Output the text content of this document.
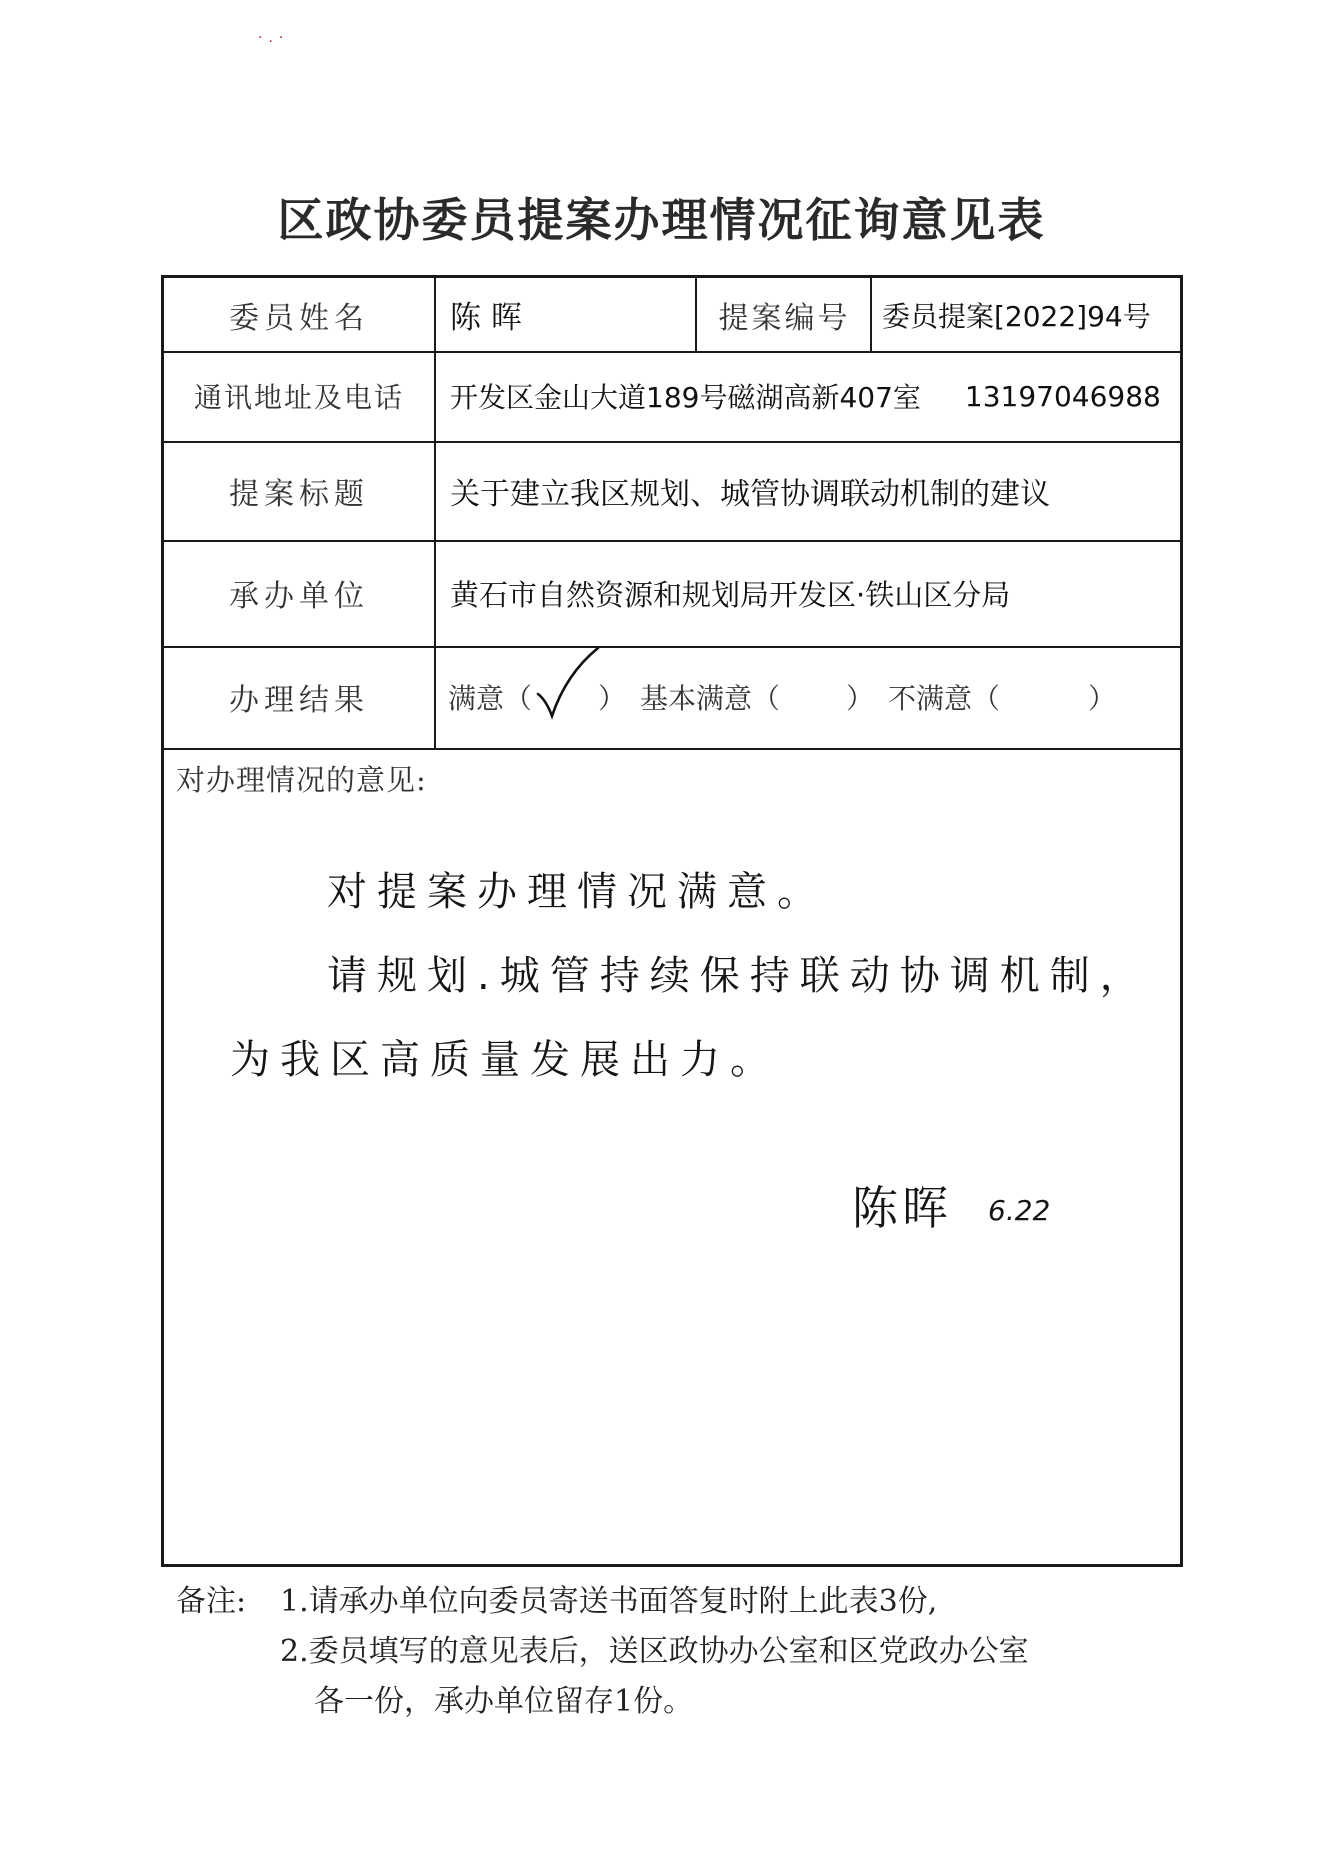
·.·
区政协委员提案办理情况征询意见表
委员姓名	陈 晖	提案编号	委员提案[2022]94号
通讯地址及电话	开发区金山大道189号磁湖高新407室 13197046988
提案标题	关于建立我区规划、城管协调联动机制的建议
承办单位	黄石市自然资源和规划局开发区·铁山区分局
办理结果	满意（ ）　基本满意（ ）　不满意（	）
对办理情况的意见:
对提案办理情况满意。
请规划.城管持续保持联动协调机制，
为我区高质量发展出力。
陈晖 6.22
备注: 1.请承办单位向委员寄送书面答复时附上此表3份,
2.委员填写的意见表后，送区政协办公室和区党政办公室
各一份，承办单位留存1份。
